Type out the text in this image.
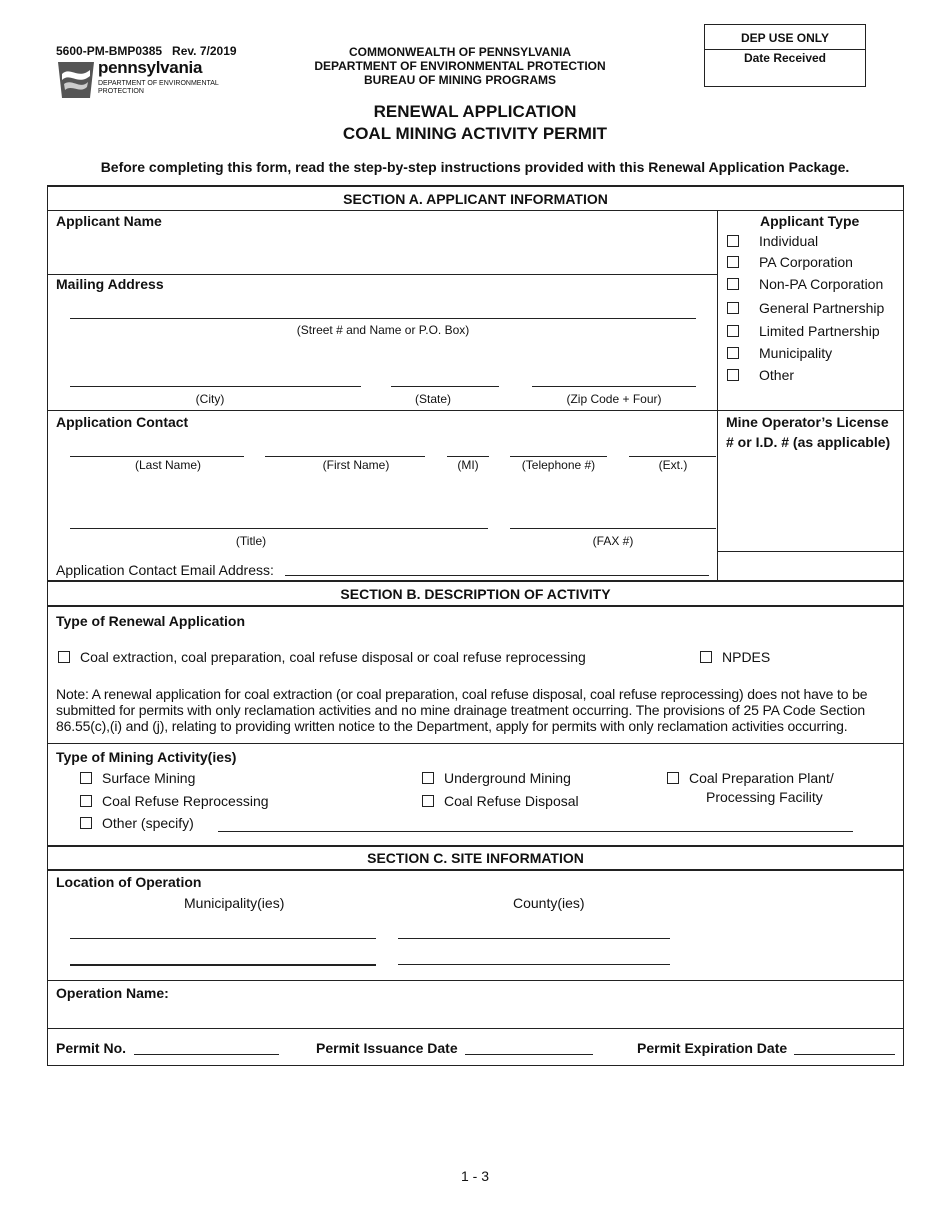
5600-PM-BMP0385   Rev. 7/2019
pennsylvania
DEPARTMENT OF ENVIRONMENTAL
PROTECTION
COMMONWEALTH OF PENNSYLVANIA
DEPARTMENT OF ENVIRONMENTAL PROTECTION
BUREAU OF MINING PROGRAMS
DEP USE ONLY
Date Received
RENEWAL APPLICATION
COAL MINING ACTIVITY PERMIT
Before completing this form, read the step-by-step instructions provided with this Renewal Application Package.
SECTION A. APPLICANT INFORMATION
Applicant Name
Mailing Address
(Street # and Name or P.O. Box)
(City)	(State)	(Zip Code + Four)
Applicant Type
Individual
PA Corporation
Non-PA Corporation
General Partnership
Limited Partnership
Municipality
Other
Application Contact
(Last Name)	(First Name)	(MI)	(Telephone #)	(Ext.)
(Title)	(FAX #)
Application Contact Email Address:
Mine Operator’s License
# or I.D. # (as applicable)
SECTION B. DESCRIPTION OF ACTIVITY
Type of Renewal Application
Coal extraction, coal preparation, coal refuse disposal or coal refuse reprocessing	NPDES
Note: A renewal application for coal extraction (or coal preparation, coal refuse disposal, coal refuse reprocessing) does not have to be
submitted for permits with only reclamation activities and no mine drainage treatment occurring. The provisions of 25 PA Code Section
86.55(c),(i) and (j), relating to providing written notice to the Department, apply for permits with only reclamation activities occurring.
Type of Mining Activity(ies)
Surface Mining
Coal Refuse Reprocessing
Other (specify)
Underground Mining
Coal Refuse Disposal
Coal Preparation Plant/
Processing Facility
SECTION C. SITE INFORMATION
Location of Operation
Municipality(ies)	County(ies)
Operation Name:
Permit No.	Permit Issuance Date	Permit Expiration Date
1 - 3
